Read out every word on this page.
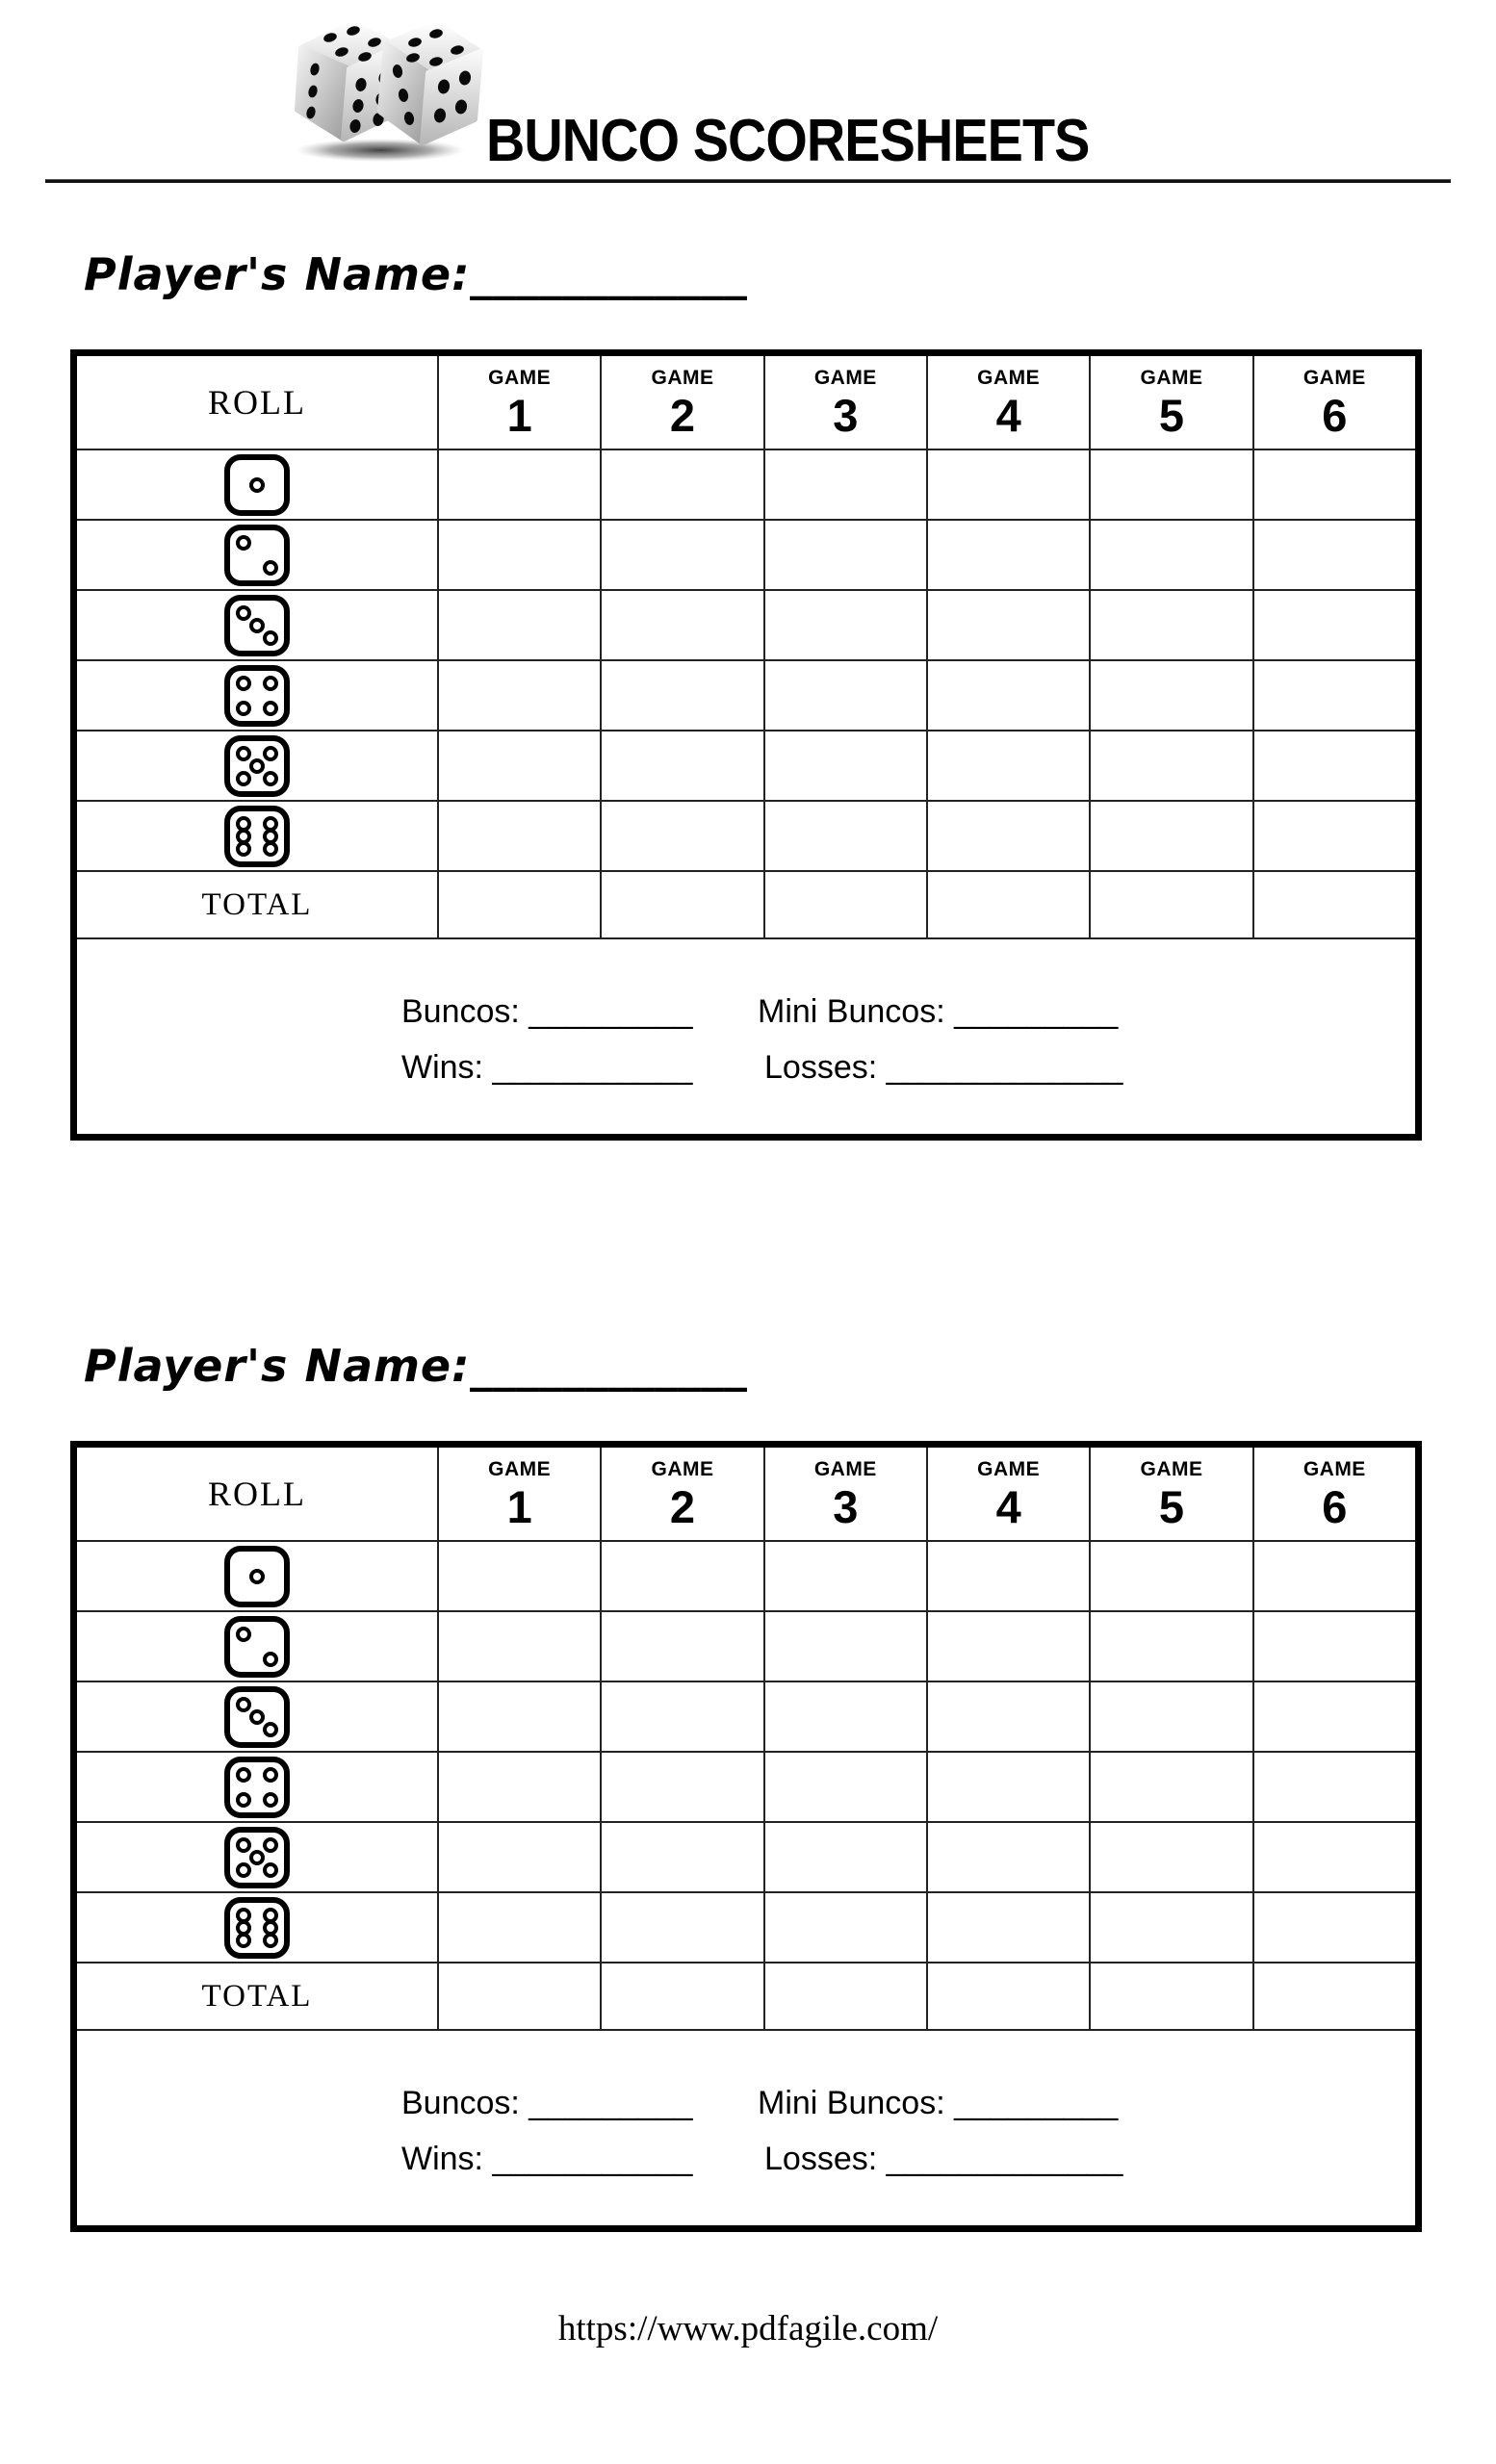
BUNCO SCORESHEETS
Player's Name:____________
ROLL
GAME
1
GAME
2
GAME
3
GAME
4
GAME
5
GAME
6
TOTAL
Buncos: _________ Mini Buncos: _________
Wins: ___________ Losses: _____________
Player's Name:____________
ROLL
GAME
1
GAME
2
GAME
3
GAME
4
GAME
5
GAME
6
TOTAL
Buncos: _________ Mini Buncos: _________
Wins: ___________ Losses: _____________
https://www.pdfagile.com/
